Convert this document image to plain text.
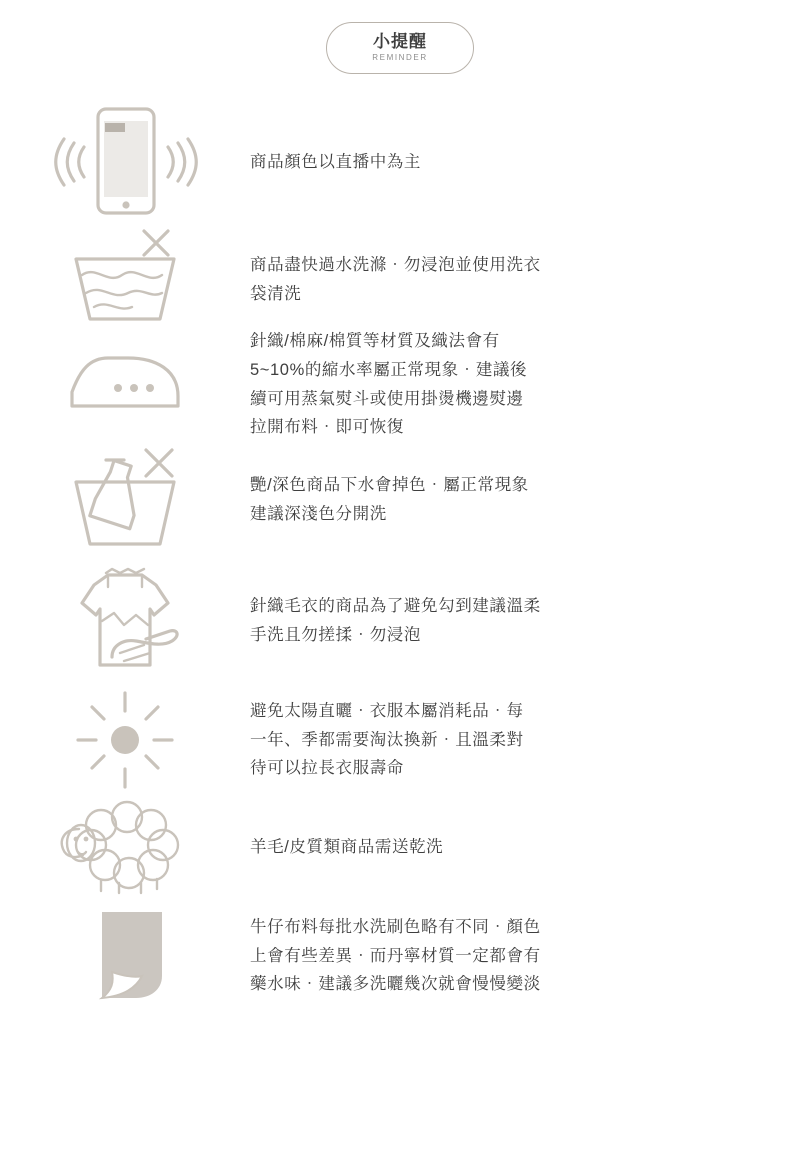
小提醒
REMINDER

商品顏色以直播中為主

商品盡快過水洗滌‧勿浸泡並使用洗衣

袋清洗

針織/棉麻/棉質等材質及織法會有

5~10%的縮水率屬正常現象‧建議後

續可用蒸氣熨斗或使用掛燙機邊熨邊

拉開布料‧即可恢復

艷/深色商品下水會掉色‧屬正常現象

建議深淺色分開洗

針織毛衣的商品為了避免勾到建議溫柔

手洗且勿搓揉‧勿浸泡

避免太陽直曬‧衣服本屬消耗品‧每

一年、季都需要淘汰換新‧且溫柔對

待可以拉長衣服壽命

羊毛/皮質類商品需送乾洗

牛仔布料每批水洗刷色略有不同‧顏色

上會有些差異‧而丹寧材質一定都會有

藥水味‧建議多洗曬幾次就會慢慢變淡
